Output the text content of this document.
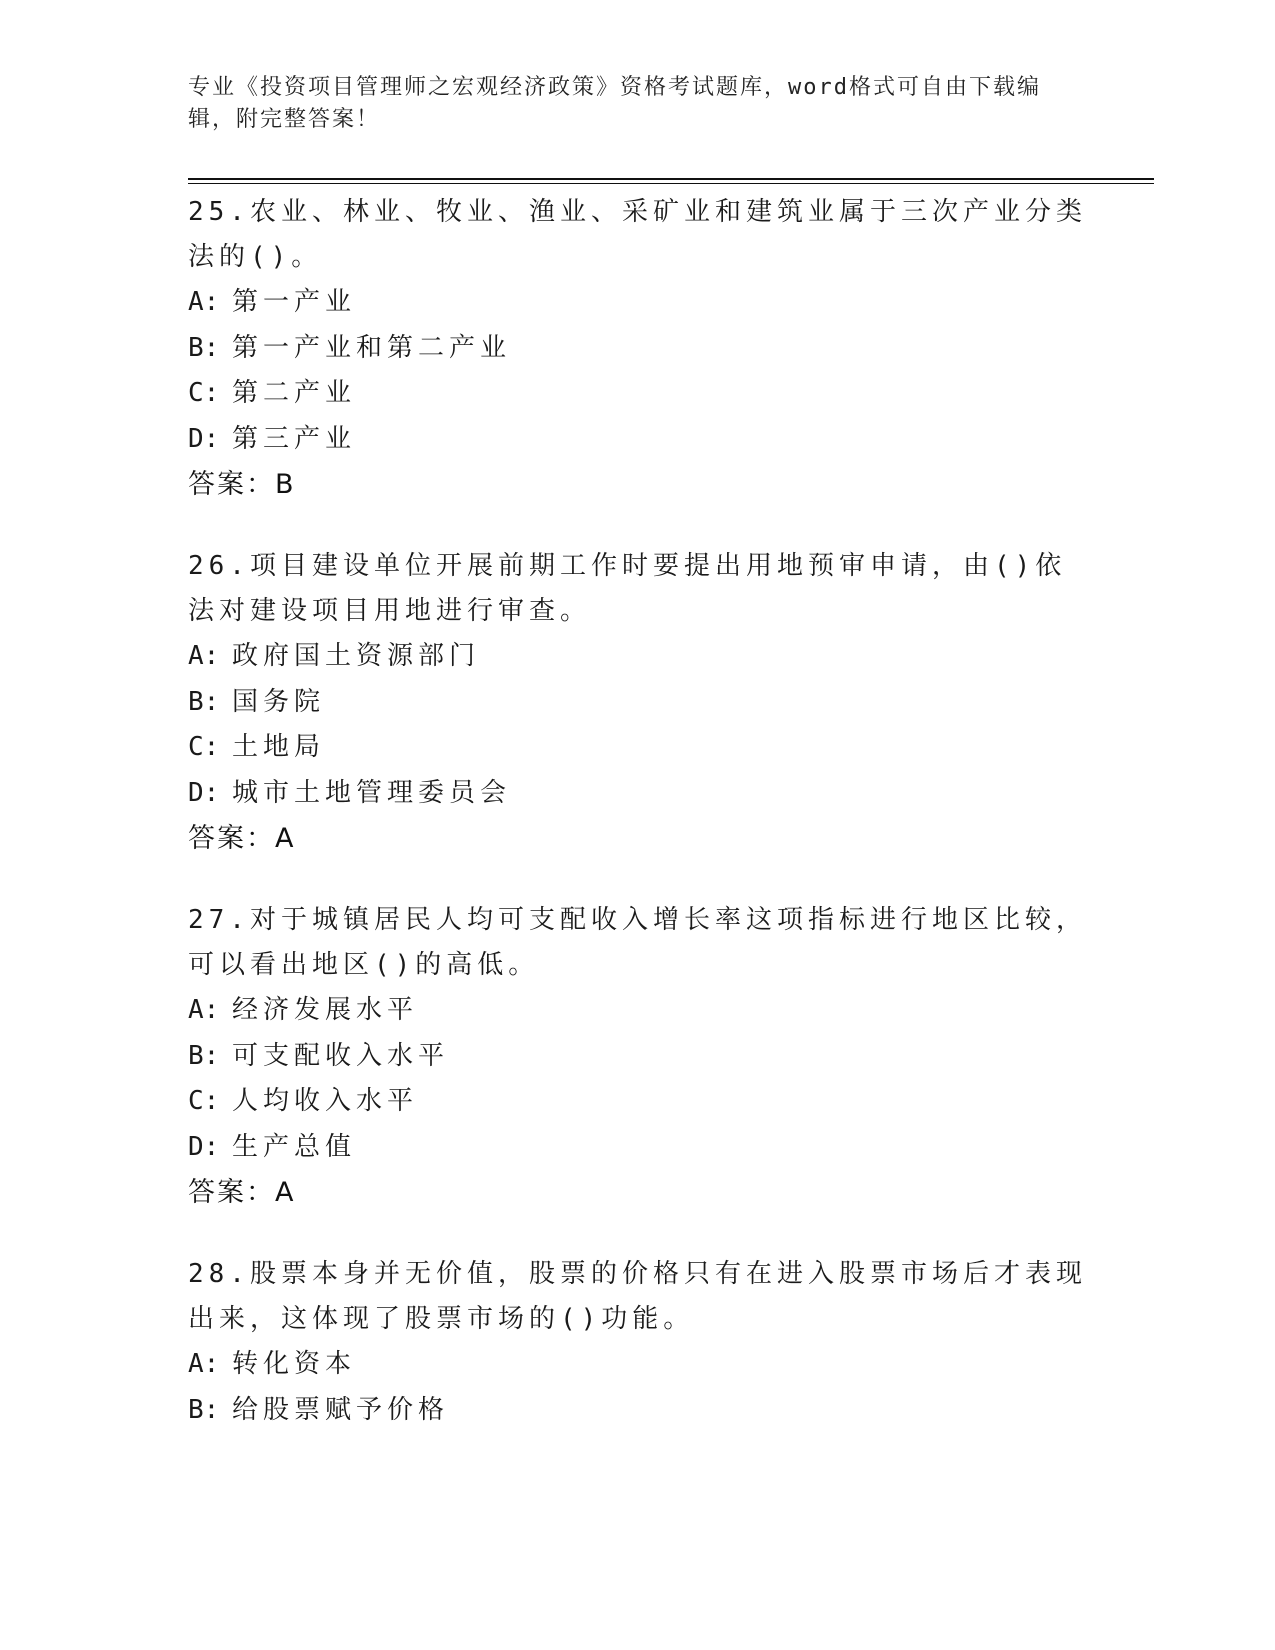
专业《投资项目管理师之宏观经济政策》资格考试题库，word格式可自由下载编辑，附完整答案！

25.农业、林业、牧业、渔业、采矿业和建筑业属于三次产业分类法的()。

A: 第一产业

B: 第一产业和第二产业

C: 第二产业

D: 第三产业

答案：B

26.项目建设单位开展前期工作时要提出用地预审申请，由()依法对建设项目用地进行审查。

A: 政府国土资源部门

B: 国务院

C: 土地局

D: 城市土地管理委员会

答案：A

27.对于城镇居民人均可支配收入增长率这项指标进行地区比较，可以看出地区()的高低。

A: 经济发展水平

B: 可支配收入水平

C: 人均收入水平

D: 生产总值

答案：A

28.股票本身并无价值，股票的价格只有在进入股票市场后才表现出来，这体现了股票市场的()功能。

A: 转化资本

B: 给股票赋予价格
